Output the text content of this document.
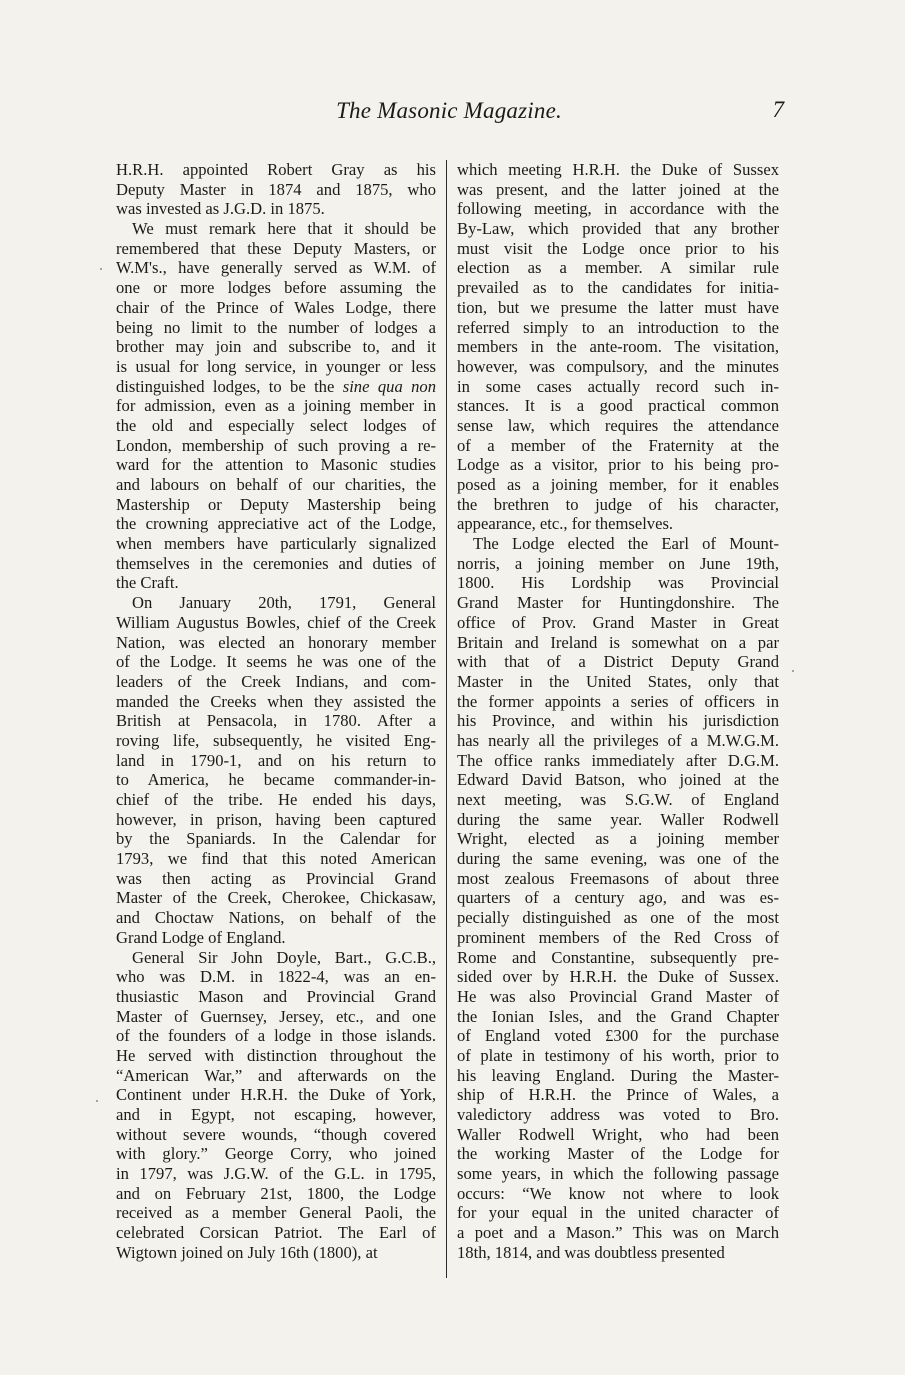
The Masonic Magazine.	7
H.R.H. appointed Robert Gray as his
Deputy Master in 1874 and 1875, who
was invested as J.G.D. in 1875.
We must remark here that it should be
remembered that these Deputy Masters, or
W.M's., have generally served as W.M. of
one or more lodges before assuming the
chair of the Prince of Wales Lodge, there
being no limit to the number of lodges a
brother may join and subscribe to, and it
is usual for long service, in younger or less
distinguished lodges, to be the sine qua non
for admission, even as a joining member in
the old and especially select lodges of
London, membership of such proving a re-
ward for the attention to Masonic studies
and labours on behalf of our charities, the
Mastership or Deputy Mastership being
the crowning appreciative act of the Lodge,
when members have particularly signalized
themselves in the ceremonies and duties of
the Craft.
On January 20th, 1791, General
William Augustus Bowles, chief of the Creek
Nation, was elected an honorary member
of the Lodge. It seems he was one of the
leaders of the Creek Indians, and com-
manded the Creeks when they assisted the
British at Pensacola, in 1780. After a
roving life, subsequently, he visited Eng-
land in 1790-1, and on his return to
to America, he became commander-in-
chief of the tribe. He ended his days,
however, in prison, having been captured
by the Spaniards. In the Calendar for
1793, we find that this noted American
was then acting as Provincial Grand
Master of the Creek, Cherokee, Chickasaw,
and Choctaw Nations, on behalf of the
Grand Lodge of England.
General Sir John Doyle, Bart., G.C.B.,
who was D.M. in 1822-4, was an en-
thusiastic Mason and Provincial Grand
Master of Guernsey, Jersey, etc., and one
of the founders of a lodge in those islands.
He served with distinction throughout the
“American War,” and afterwards on the
Continent under H.R.H. the Duke of York,
and in Egypt, not escaping, however,
without severe wounds, “though covered
with glory.” George Corry, who joined
in 1797, was J.G.W. of the G.L. in 1795,
and on February 21st, 1800, the Lodge
received as a member General Paoli, the
celebrated Corsican Patriot. The Earl of
Wigtown joined on July 16th (1800), at
which meeting H.R.H. the Duke of Sussex
was present, and the latter joined at the
following meeting, in accordance with the
By-Law, which provided that any brother
must visit the Lodge once prior to his
election as a member. A similar rule
prevailed as to the candidates for initia-
tion, but we presume the latter must have
referred simply to an introduction to the
members in the ante-room. The visitation,
however, was compulsory, and the minutes
in some cases actually record such in-
stances. It is a good practical common
sense law, which requires the attendance
of a member of the Fraternity at the
Lodge as a visitor, prior to his being pro-
posed as a joining member, for it enables
the brethren to judge of his character,
appearance, etc., for themselves.
The Lodge elected the Earl of Mount-
norris, a joining member on June 19th,
1800. His Lordship was Provincial
Grand Master for Huntingdonshire. The
office of Prov. Grand Master in Great
Britain and Ireland is somewhat on a par
with that of a District Deputy Grand
Master in the United States, only that
the former appoints a series of officers in
his Province, and within his jurisdiction
has nearly all the privileges of a M.W.G.M.
The office ranks immediately after D.G.M.
Edward David Batson, who joined at the
next meeting, was S.G.W. of England
during the same year. Waller Rodwell
Wright, elected as a joining member
during the same evening, was one of the
most zealous Freemasons of about three
quarters of a century ago, and was es-
pecially distinguished as one of the most
prominent members of the Red Cross of
Rome and Constantine, subsequently pre-
sided over by H.R.H. the Duke of Sussex.
He was also Provincial Grand Master of
the Ionian Isles, and the Grand Chapter
of England voted £300 for the purchase
of plate in testimony of his worth, prior to
his leaving England. During the Master-
ship of H.R.H. the Prince of Wales, a
valedictory address was voted to Bro.
Waller Rodwell Wright, who had been
the working Master of the Lodge for
some years, in which the following passage
occurs: “We know not where to look
for your equal in the united character of
a poet and a Mason.” This was on March
18th, 1814, and was doubtless presented
